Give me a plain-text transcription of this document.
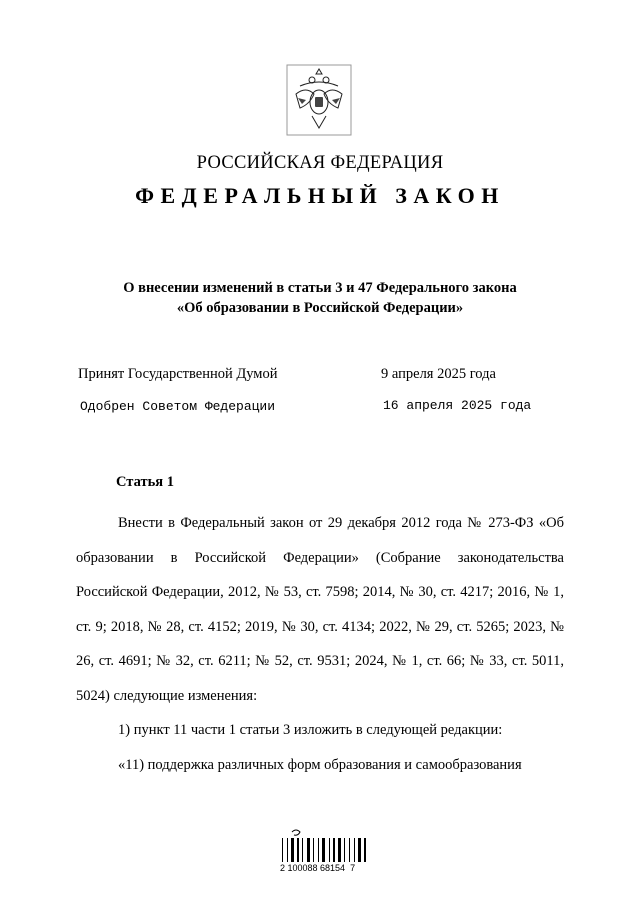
РОССИЙСКАЯ ФЕДЕРАЦИЯ
ФЕДЕРАЛЬНЫЙ ЗАКОН
О внесении изменений в статьи 3 и 47 Федерального закона
«Об образовании в Российской Федерации»
Принят Государственной Думой	9 апреля 2025 года
Одобрен Советом Федерации	16 апреля 2025 года
Статья 1

Внести в Федеральный закон от 29 декабря 2012 года № 273-ФЗ «Об образовании в Российской Федерации» (Собрание законодательства Российской Федерации, 2012, № 53, ст. 7598; 2014, № 30, ст. 4217; 2016, № 1, ст. 9; 2018, № 28, ст. 4152; 2019, № 30, ст. 4134; 2022, № 29, ст. 5265; 2023, № 26, ст. 4691; № 32, ст. 6211; № 52, ст. 9531; 2024, № 1, ст. 66; № 33, ст. 5011, 5024) следующие изменения:

1) пункт 11 части 1 статьи 3 изложить в следующей редакции:

«11) поддержка различных форм образования и самообразования

2 100088 68154  7
